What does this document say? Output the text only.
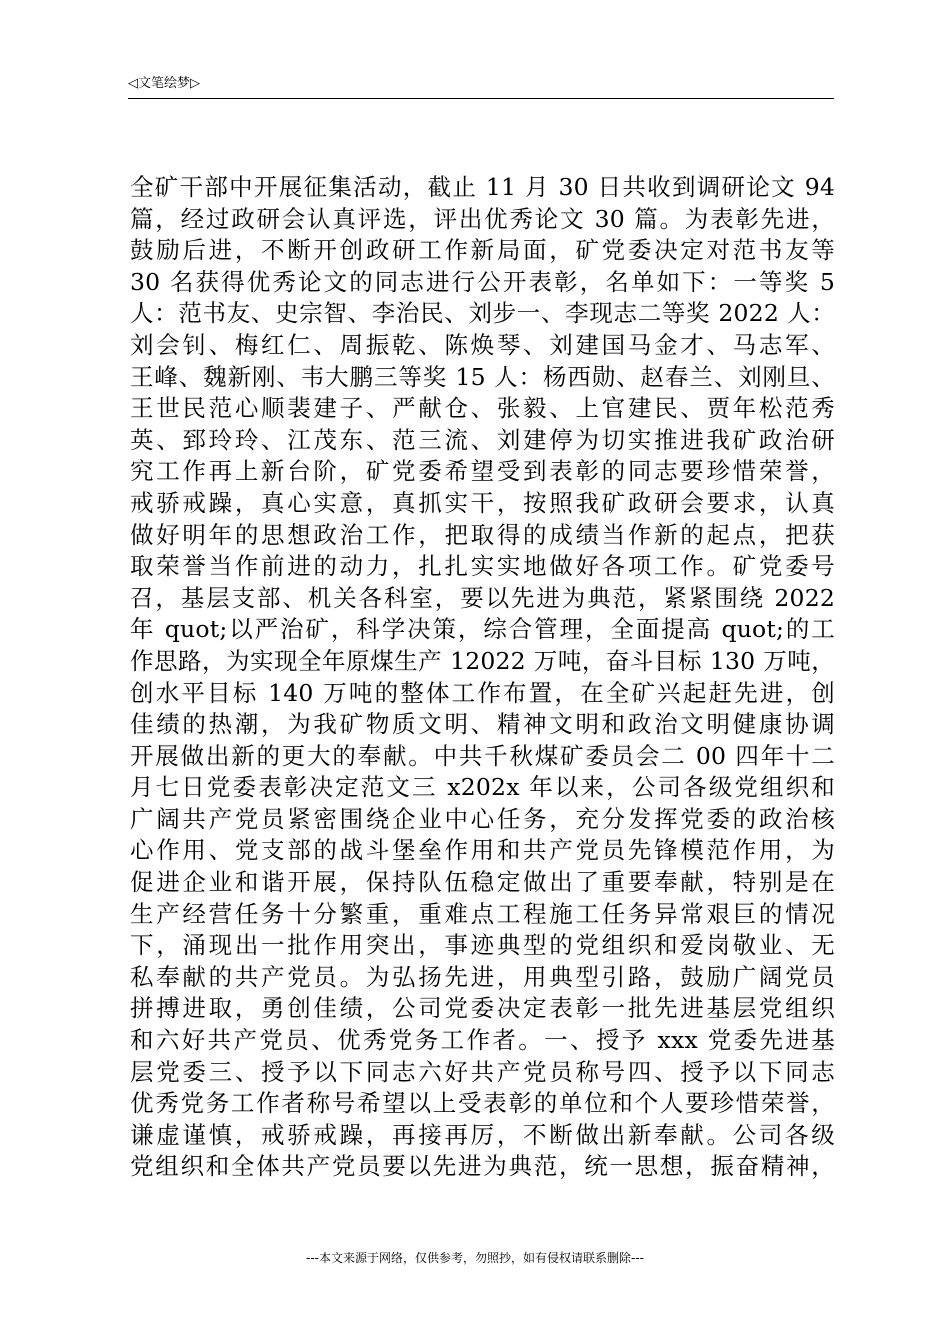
◁文笔绘梦▷
全矿干部中开展征集活动，截止 11 月 30 日共收到调研论文 94
篇，经过政研会认真评选，评出优秀论文 30 篇。为表彰先进，
鼓励后进，不断开创政研工作新局面，矿党委决定对范书友等
30 名获得优秀论文的同志进行公开表彰，名单如下：一等奖 5
人：范书友、史宗智、李治民、刘步一、李现志二等奖 2022 人：
刘会钊、梅红仁、周振乾、陈焕琴、刘建国马金才、马志军、
王峰、魏新刚、韦大鹏三等奖 15 人：杨西勋、赵春兰、刘刚旦、
王世民范心顺裴建子、严献仓、张毅、上官建民、贾年松范秀
英、郅玲玲、江茂东、范三流、刘建停为切实推进我矿政治研
究工作再上新台阶，矿党委希望受到表彰的同志要珍惜荣誉，
戒骄戒躁，真心实意，真抓实干，按照我矿政研会要求，认真
做好明年的思想政治工作，把取得的成绩当作新的起点，把获
取荣誉当作前进的动力，扎扎实实地做好各项工作。矿党委号
召，基层支部、机关各科室，要以先进为典范，紧紧围绕 2022
年 quot;以严治矿，科学决策，综合管理，全面提高 quot;的工
作思路，为实现全年原煤生产 12022 万吨，奋斗目标 130 万吨，
创水平目标 140 万吨的整体工作布置，在全矿兴起赶先进，创
佳绩的热潮，为我矿物质文明、精神文明和政治文明健康协调
开展做出新的更大的奉献。中共千秋煤矿委员会二 00 四年十二
月七日党委表彰决定范文三 x202x 年以来，公司各级党组织和
广阔共产党员紧密围绕企业中心任务，充分发挥党委的政治核
心作用、党支部的战斗堡垒作用和共产党员先锋模范作用，为
促进企业和谐开展，保持队伍稳定做出了重要奉献，特别是在
生产经营任务十分繁重，重难点工程施工任务异常艰巨的情况
下，涌现出一批作用突出，事迹典型的党组织和爱岗敬业、无
私奉献的共产党员。为弘扬先进，用典型引路，鼓励广阔党员
拼搏进取，勇创佳绩，公司党委决定表彰一批先进基层党组织
和六好共产党员、优秀党务工作者。一、授予 xxx 党委先进基
层党委三、授予以下同志六好共产党员称号四、授予以下同志
优秀党务工作者称号希望以上受表彰的单位和个人要珍惜荣誉，
谦虚谨慎，戒骄戒躁，再接再厉，不断做出新奉献。公司各级
党组织和全体共产党员要以先进为典范，统一思想，振奋精神，
---本文来源于网络，仅供参考，勿照抄，如有侵权请联系删除---
